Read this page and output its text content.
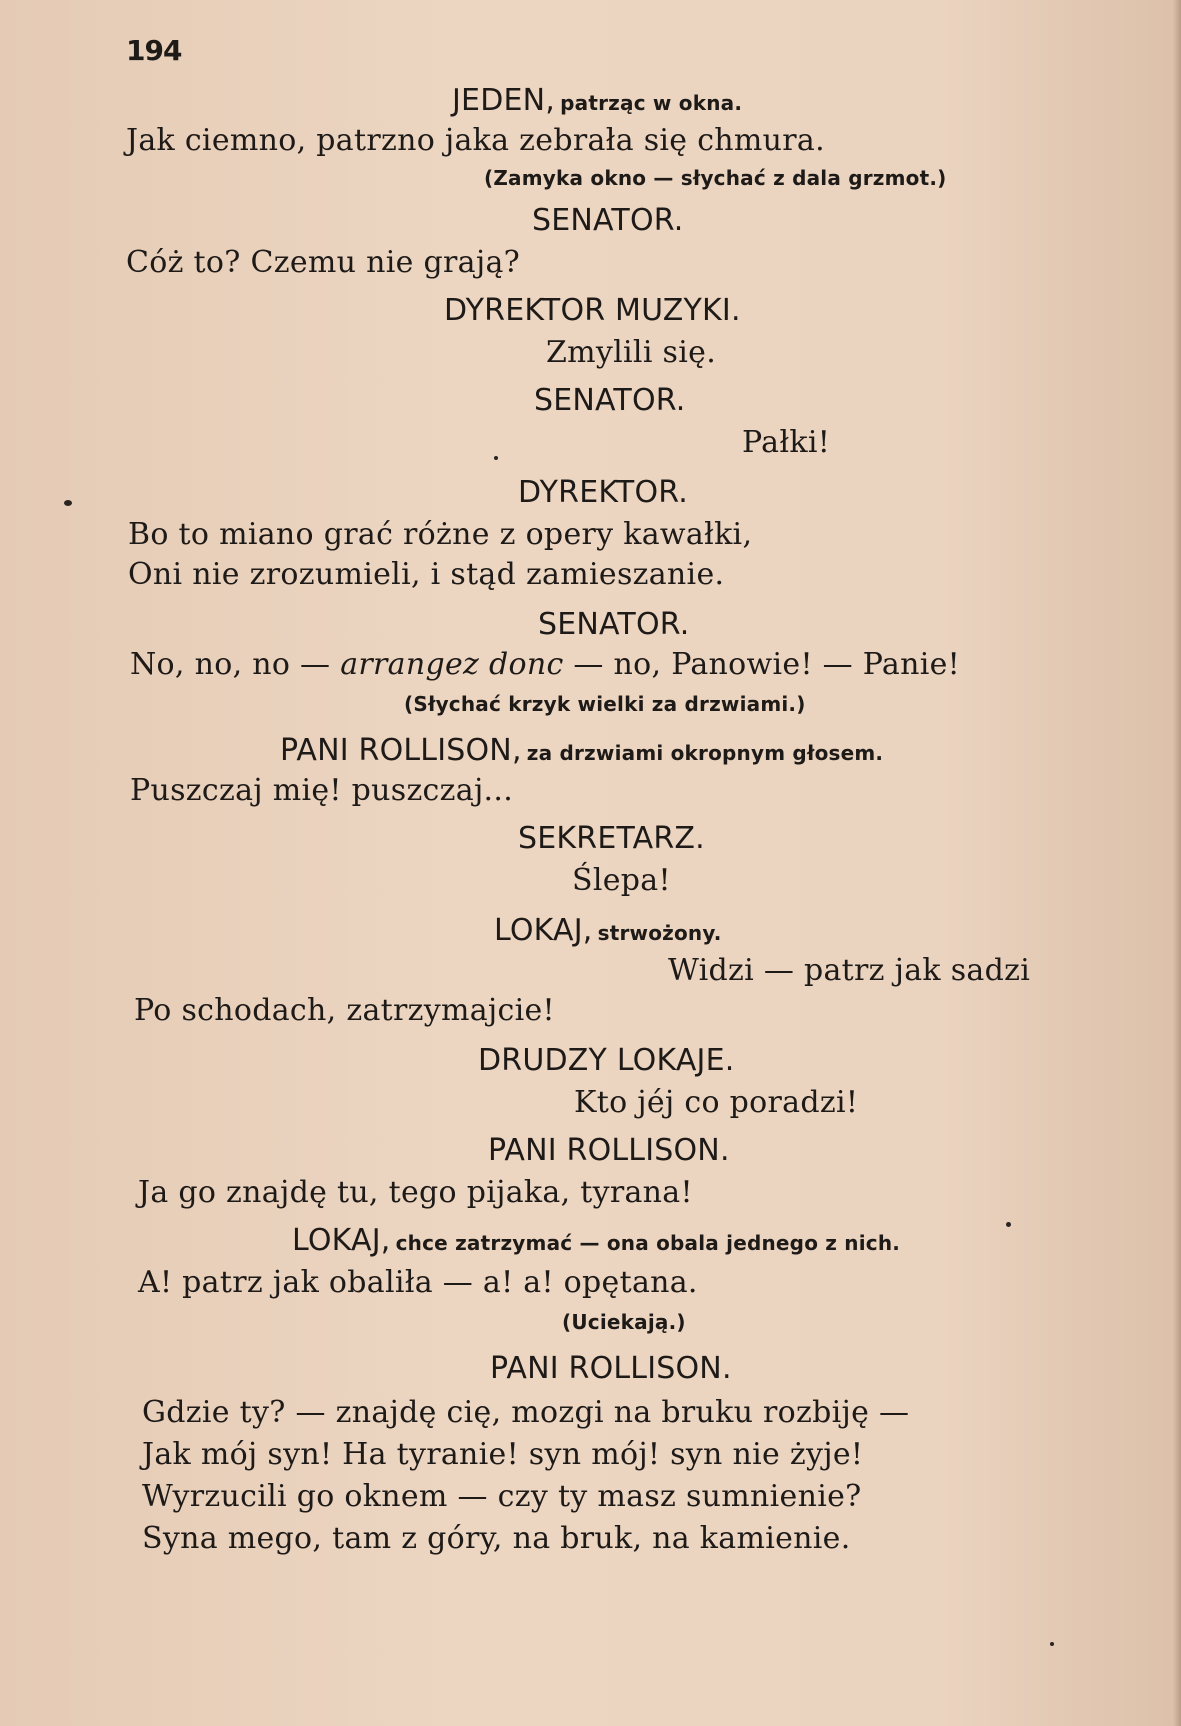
194
JEDEN, patrząc w okna.
Jak ciemno, patrzno jaka zebrała się chmura.
(Zamyka okno — słychać z dala grzmot.)
SENATOR.
Cóż to? Czemu nie grają?
DYREKTOR MUZYKI.
Zmylili się.
SENATOR.
Pałki!
DYREKTOR.
Bo to miano grać różne z opery kawałki,
Oni nie zrozumieli, i stąd zamieszanie.
SENATOR.
No, no, no — arrangez donc — no, Panowie! — Panie!
(Słychać krzyk wielki za drzwiami.)
PANI ROLLISON, za drzwiami okropnym głosem.
Puszczaj mię! puszczaj...
SEKRETARZ.
Ślepa!
LOKAJ, strwożony.
Widzi — patrz jak sadzi
Po schodach, zatrzymajcie!
DRUDZY LOKAJE.
Kto jéj co poradzi!
PANI ROLLISON.
Ja go znajdę tu, tego pijaka, tyrana!
LOKAJ, chce zatrzymać — ona obala jednego z nich.
A! patrz jak obaliła — a! a! opętana.
(Uciekają.)
PANI ROLLISON.
Gdzie ty? — znajdę cię, mozgi na bruku rozbiję —
Jak mój syn! Ha tyranie! syn mój! syn nie żyje!
Wyrzucili go oknem — czy ty masz sumnienie?
Syna mego, tam z góry, na bruk, na kamienie.
